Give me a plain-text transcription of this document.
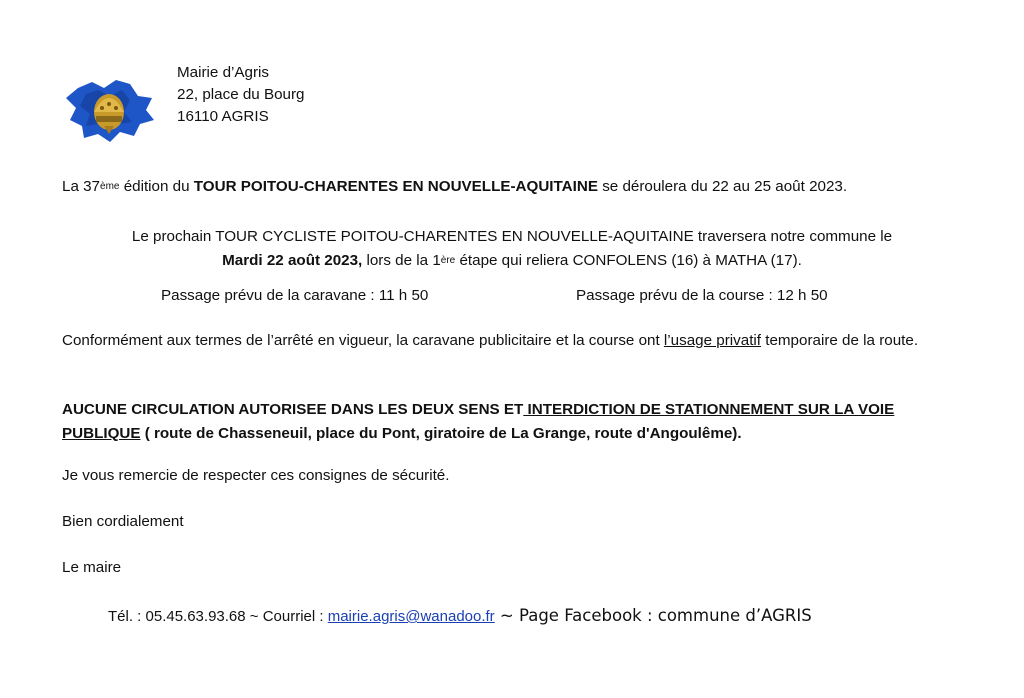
Mairie d’Agris
22, place du Bourg
16110 AGRIS
La 37ème édition du TOUR POITOU-CHARENTES EN NOUVELLE-AQUITAINE se déroulera du 22 au 25 août 2023.
Le prochain TOUR CYCLISTE POITOU-CHARENTES EN NOUVELLE-AQUITAINE traversera notre commune le
Mardi 22 août 2023, lors de la 1ère étape qui reliera CONFOLENS (16) à MATHA (17).
Passage prévu de la caravane : 11 h 50	Passage prévu de la course : 12 h 50
Conformément aux termes de l’arrêté en vigueur, la caravane publicitaire et la course ont l’usage privatif temporaire de la route.
AUCUNE CIRCULATION AUTORISEE DANS LES DEUX SENS ET INTERDICTION DE STATIONNEMENT SUR LA VOIE PUBLIQUE ( route de Chasseneuil, place du Pont, giratoire de La Grange, route d'Angoulême).
Je vous remercie de respecter ces consignes de sécurité.
Bien cordialement
Le maire
Tél. : 05.45.63.93.68 ~ Courriel : mairie.agris@wanadoo.fr ~ Page Facebook : commune d’AGRIS
